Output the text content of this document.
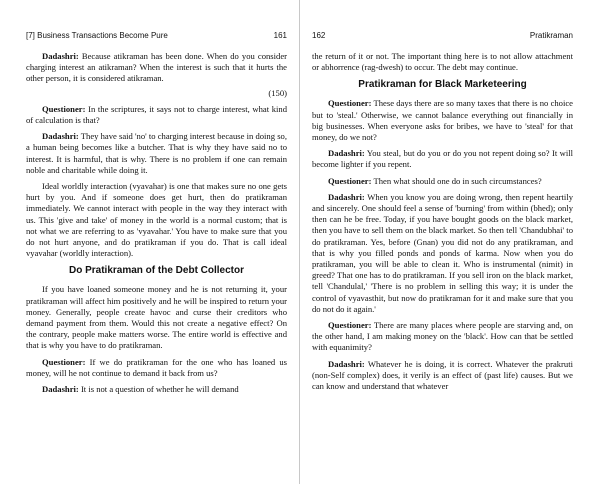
[7] Business Transactions Become Pure	161

Dadashri: Because atikraman has been done. When do you consider charging interest an atikraman? When the interest is such that it hurts the other person, it is considered atikraman.

(150)

Questioner: In the scriptures, it says not to charge interest, what kind of calculation is that?

Dadashri: They have said 'no' to charging interest because in doing so, a human being becomes like a butcher. That is why they have said no to interest. It is harmful, that is why. There is no problem if one can remain noble and charitable while doing it.

Ideal worldly interaction (vyavahar) is one that makes sure no one gets hurt by you. And if someone does get hurt, then do pratikraman immediately. We cannot interact with people in the way they interact with us. This 'give and take' of money in the world is a normal custom; that is not what we are referring to as 'vyavahar.' You have to make sure that you do not hurt anyone, and do pratikraman if you do. That is call ideal vyavahar (worldly interaction).

Do Pratikraman of the Debt Collector

If you have loaned someone money and he is not returning it, your pratikraman will affect him positively and he will be inspired to return your money. Generally, people create havoc and curse their creditors who demand payment from them. Would this not create a negative effect? On the contrary, people make matters worse. The entire world is effective and that is why you have to do pratikraman.

Questioner: If we do pratikraman for the one who has loaned us money, will he not continue to demand it back from us?

Dadashri: It is not a question of whether he will demand

162	Pratikraman

the return of it or not. The important thing here is to not allow attachment or abhorrence (rag-dwesh) to occur. The debt may continue.

Pratikraman for Black Marketeering

Questioner: These days there are so many taxes that there is no choice but to 'steal.' Otherwise, we cannot balance everything out financially in big businesses. When everyone asks for bribes, we have to 'steal' for that money, do we not?

Dadashri: You steal, but do you or do you not repent doing so? It will become lighter if you repent.

Questioner: Then what should one do in such circumstances?

Dadashri: When you know you are doing wrong, then repent heartily and sincerely. One should feel a sense of 'burning' from within (bhed); only then can he be free. Today, if you have bought goods on the black market, then you have to sell them on the black market. So then tell 'Chandubhai' to do pratikraman. Yes, before (Gnan) you did not do any pratikraman, and that is why you filled ponds and ponds of karma. Now when you do pratikraman, you will be able to clean it. Who is instrumental (nimit) in greed? That one has to do pratikraman. If you sell iron on the black market, tell 'Chandulal,' 'There is no problem in selling this way; it is under the control of vyavasthit, but now do pratikraman for it and make sure that you do not do it again.'

Questioner: There are many places where people are starving and, on the other hand, I am making money on the 'black'. How can that be settled with equanimity?

Dadashri: Whatever he is doing, it is correct. Whatever the prakruti (non-Self complex) does, it verily is an effect of (past life) causes. But we can know and understand that whatever
